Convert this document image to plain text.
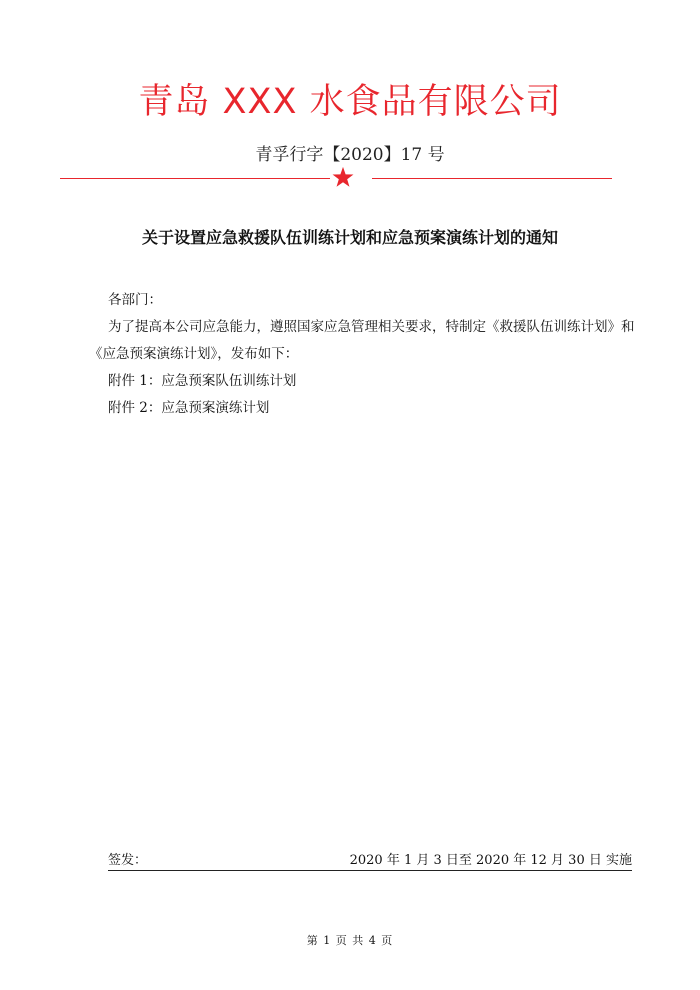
青岛 XXX 水食品有限公司
青孚行字【2020】17 号
关于设置应急救援队伍训练计划和应急预案演练计划的通知

各部门：

为了提高本公司应急能力，遵照国家应急管理相关要求，特制定《救援队伍训练计划》和《应急预案演练计划》，发布如下：

附件 1：应急预案队伍训练计划

附件 2：应急预案演练计划

签发：	2020 年 1 月 3 日至 2020 年 12 月 30 日 实施
第 1 页 共 4 页
